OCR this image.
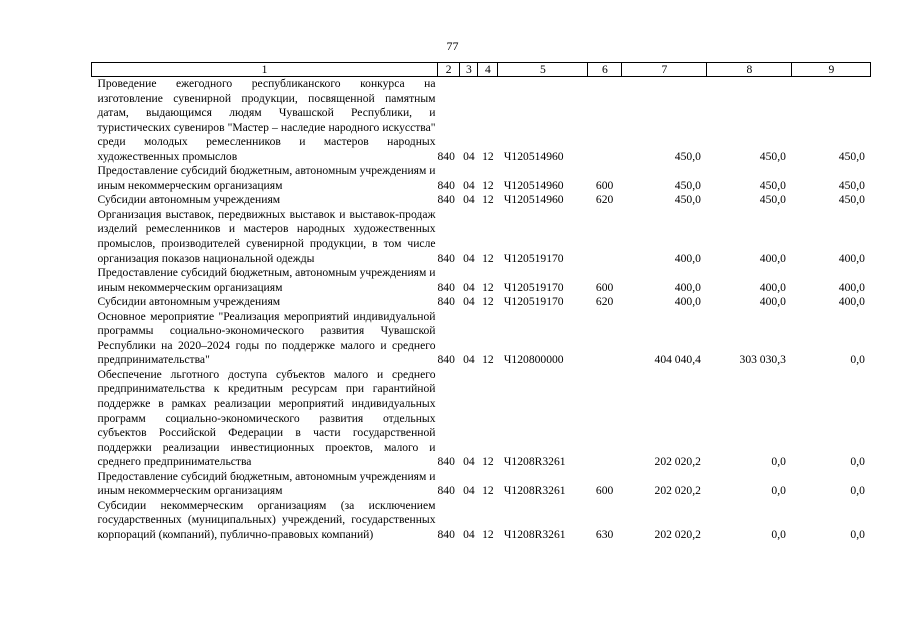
77
1	2	3	4	5	6	7	8	9
Проведение ежегодного республиканского конкурса на изготовление сувенирной продукции, посвященной памятным датам, выдающимся людям Чувашской Республики, и туристических сувениров "Мастер – наследие народного искусства" среди молодых ремесленников и мастеров народных художественных промыслов	840	04	12	Ч120514960		450,0	450,0	450,0
Предоставление субсидий бюджетным, автономным учреждениям и иным некоммерческим организациям	840	04	12	Ч120514960	600	450,0	450,0	450,0
Субсидии автономным учреждениям	840	04	12	Ч120514960	620	450,0	450,0	450,0
Организация выставок, передвижных выставок и выставок-продаж изделий ремесленников и мастеров народных художественных промыслов, производителей сувенирной продукции, в том числе организация показов национальной одежды	840	04	12	Ч120519170		400,0	400,0	400,0
Предоставление субсидий бюджетным, автономным учреждениям и иным некоммерческим организациям	840	04	12	Ч120519170	600	400,0	400,0	400,0
Субсидии автономным учреждениям	840	04	12	Ч120519170	620	400,0	400,0	400,0
Основное мероприятие "Реализация мероприятий индивидуальной программы социально-экономического развития Чувашской Республики на 2020–2024 годы по поддержке малого и среднего предпринимательства"	840	04	12	Ч120800000		404 040,4	303 030,3	0,0
Обеспечение льготного доступа субъектов малого и среднего предпринимательства к кредитным ресурсам при гарантийной поддержке в рамках реализации мероприятий индивидуальных программ социально-экономического развития отдельных субъектов Российской Федерации в части государственной поддержки реализации инвестиционных проектов, малого и среднего предпринимательства	840	04	12	Ч1208R3261		202 020,2	0,0	0,0
Предоставление субсидий бюджетным, автономным учреждениям и иным некоммерческим организациям	840	04	12	Ч1208R3261	600	202 020,2	0,0	0,0
Субсидии некоммерческим организациям (за исключением государственных (муниципальных) учреждений, государственных корпораций (компаний), публично-правовых компаний)	840	04	12	Ч1208R3261	630	202 020,2	0,0	0,0
